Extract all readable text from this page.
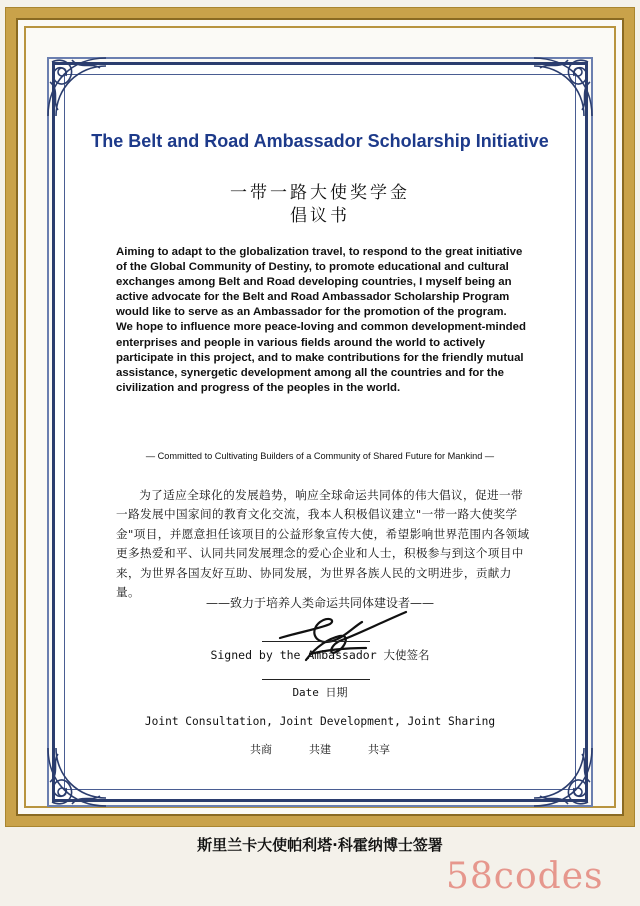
The Belt and Road Ambassador Scholarship Initiative
一带一路大使奖学金
倡议书
Aiming to adapt to the globalization travel, to respond to the great initiative of the Global Community of Destiny, to promote educational and cultural exchanges among Belt and Road developing countries, I myself being an active advocate for the Belt and Road Ambassador Scholarship Program would like to serve as an Ambassador for the promotion of the program. We hope to influence more peace-loving and common development-minded enterprises and people in various fields around the world to actively participate in this project, and to make contributions for the friendly mutual assistance, synergetic development among all the countries and for the civilization and progress of the peoples in the world.
— Committed to Cultivating Builders of a Community of Shared Future for Mankind —
为了适应全球化的发展趋势，响应全球命运共同体的伟大倡议，促进一带一路发展中国家间的教育文化交流，我本人积极倡议建立"一带一路大使奖学金"项目，并愿意担任该项目的公益形象宣传大使，希望影响世界范围内各领域更多热爱和平、认同共同发展理念的爱心企业和人士，积极参与到这个项目中来，为世界各国友好互助、协同发展，为世界各族人民的文明进步，贡献力量。
——致力于培养人类命运共同体建设者——
Signed by the Ambassador 大使签名
Date 日期
Joint Consultation, Joint Development, Joint Sharing
共商	共建	共享
斯里兰卡大使帕利塔·科霍纳博士签署
58codes
